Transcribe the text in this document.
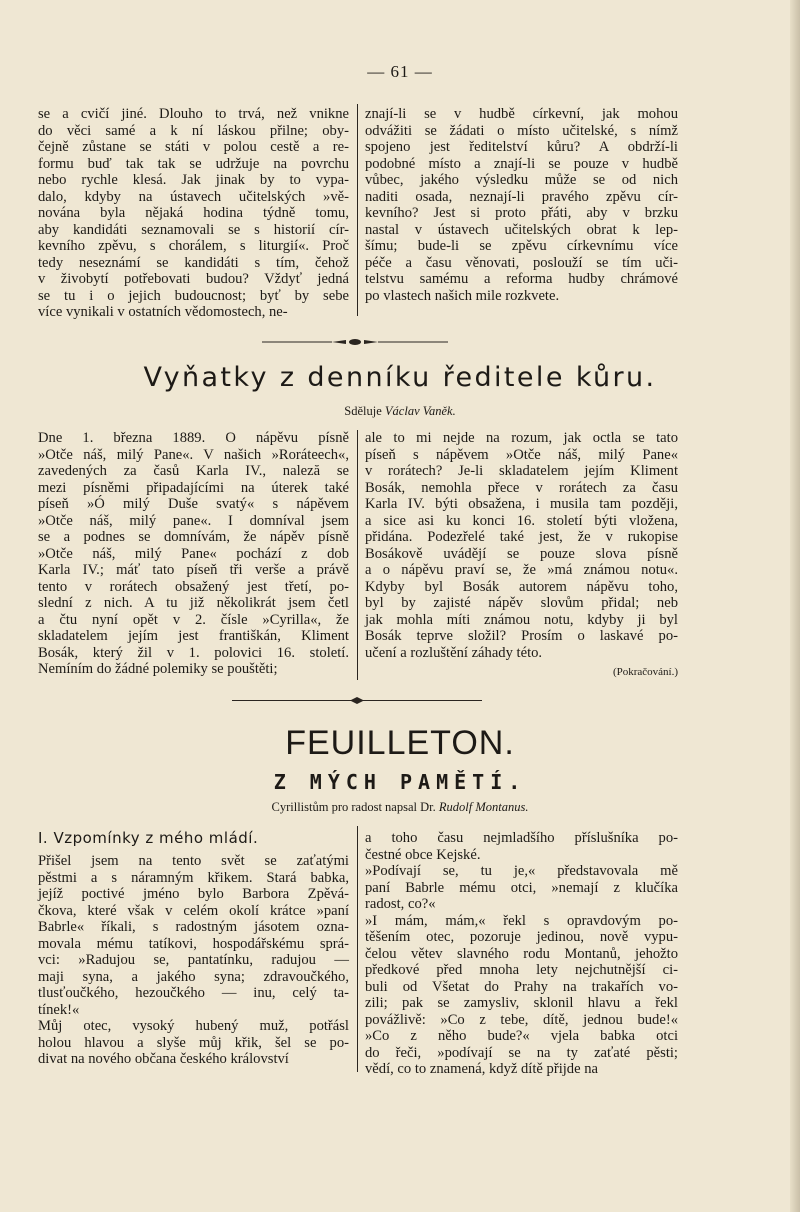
— 61 —
se a cvičí jiné. Dlouho to trvá, než vnikne
do věci samé a k ní láskou přilne; oby-
čejně zůstane se státi v polou cestě a re-
formu buď tak tak se udržuje na povrchu
nebo rychle klesá. Jak jinak by to vypa-
dalo, kdyby na ústavech učitelských »vě-
nována byla nějaká hodina týdně tomu,
aby kandidáti seznamovali se s historií cír-
kevního zpěvu, s chorálem, s liturgií«. Proč
tedy neseznámí se kandidáti s tím, čehož
v živobytí potřebovati budou? Vždyť jedná
se tu i o jejich budoucnost; byť by sebe
více vynikali v ostatních vědomostech, ne-
znají-li se v hudbě církevní, jak mohou
odvážiti se žádati o místo učitelské, s nímž
spojeno jest ředitelství kůru? A obdrží-li
podobné místo a znají-li se pouze v hudbě
vůbec, jakého výsledku může se od nich
naditi osada, neznají-li pravého zpěvu cír-
kevního? Jest si proto přáti, aby v brzku
nastal v ústavech učitelských obrat k lep-
šímu; bude-li se zpěvu církevnímu více
péče a času věnovati, poslouží se tím uči-
telstvu samému a reforma hudby chrámové
po vlastech našich mile rozkvete.
Vyňatky z denníku ředitele kůru.
Sděluje Václav Vaněk.
Dne 1. března 1889. O nápěvu písně
»Otče náš, milý Pane«. V našich »Roráteech«,
zavedených za časů Karla IV., naleză se
mezi písněmi připadajícími na úterek také
píseň »Ó milý Duše svatý« s nápěvem
»Otče náš, milý pane«. I domníval jsem
se a podnes se domnívám, že nápěv písně
»Otče náš, milý Pane« pochází z dob
Karla IV.; máť tato píseň tři verše a právě
tento v rorátech obsažený jest třetí, po-
slední z nich. A tu již několikrát jsem četl
a čtu nyní opět v 2. čísle »Cyrilla«, že
skladatelem jejím jest františkán, Kliment
Bosák, který žil v 1. polovici 16. století.
Nemíním do žádné polemiky se pouštěti;
ale to mi nejde na rozum, jak octla se tato
píseň s nápěvem »Otče náš, milý Pane«
v rorátech? Je-li skladatelem jejím Kliment
Bosák, nemohla přece v rorátech za času
Karla IV. býti obsažena, i musila tam později,
a sice asi ku konci 16. století býti vložena,
přidána. Podezřelé také jest, že v rukopise
Bosákově uvádějí se pouze slova písně
a o nápěvu praví se, že »má známou notu«.
Kdyby byl Bosák autorem nápěvu toho,
byl by zajisté nápěv slovům přidal; neb
jak mohla míti známou notu, kdyby ji byl
Bosák teprve složil? Prosím o laskavé po-
učení a rozluštění záhady této.
(Pokračování.)
FEUILLETON.
Z MÝCH PAMĚTÍ.
Cyrillistům pro radost napsal Dr. Rudolf Montanus.
I. Vzpomínky z mého mládí.
Přišel jsem na tento svět se zaťatými
pěstmi a s náramným křikem. Stará babka,
jejíž poctivé jméno bylo Barbora Zpěvá-
čkova, které však v celém okolí krátce »paní
Babrle« říkali, s radostným jásotem ozna-
movala mému tatíkovi, hospodářskému sprá-
vci: »Radujou se, pantatínku, radujou —
maji syna, a jakého syna; zdravoučkého,
tlusťoučkého, hezoučkého — inu, celý ta-
tínek!«
Můj otec, vysoký hubený muž, potřásl
holou hlavou a slyše můj křik, šel se po-
divat na nového občana českého království
a toho času nejmladšího příslušníka po-
čestné obce Kejské.
»Podívají se, tu je,« představovala mě
paní Babrle mému otci, »nemají z klučíka
radost, co?«
»I mám, mám,« řekl s opravdovým po-
těšením otec, pozoruje jedinou, nově vypu-
čelou větev slavného rodu Montanů, jehožto
předkové před mnoha lety nejchutnější ci-
buli od Všetat do Prahy na trakařích vo-
zili; pak se zamysliv, sklonil hlavu a řekl
povážlivě: »Co z tebe, dítě, jednou bude!«
»Co z něho bude?« vjela babka otci
do řeči, »podívají se na ty zaťaté pěsti;
vědí, co to znamená, když dítě přijde na
